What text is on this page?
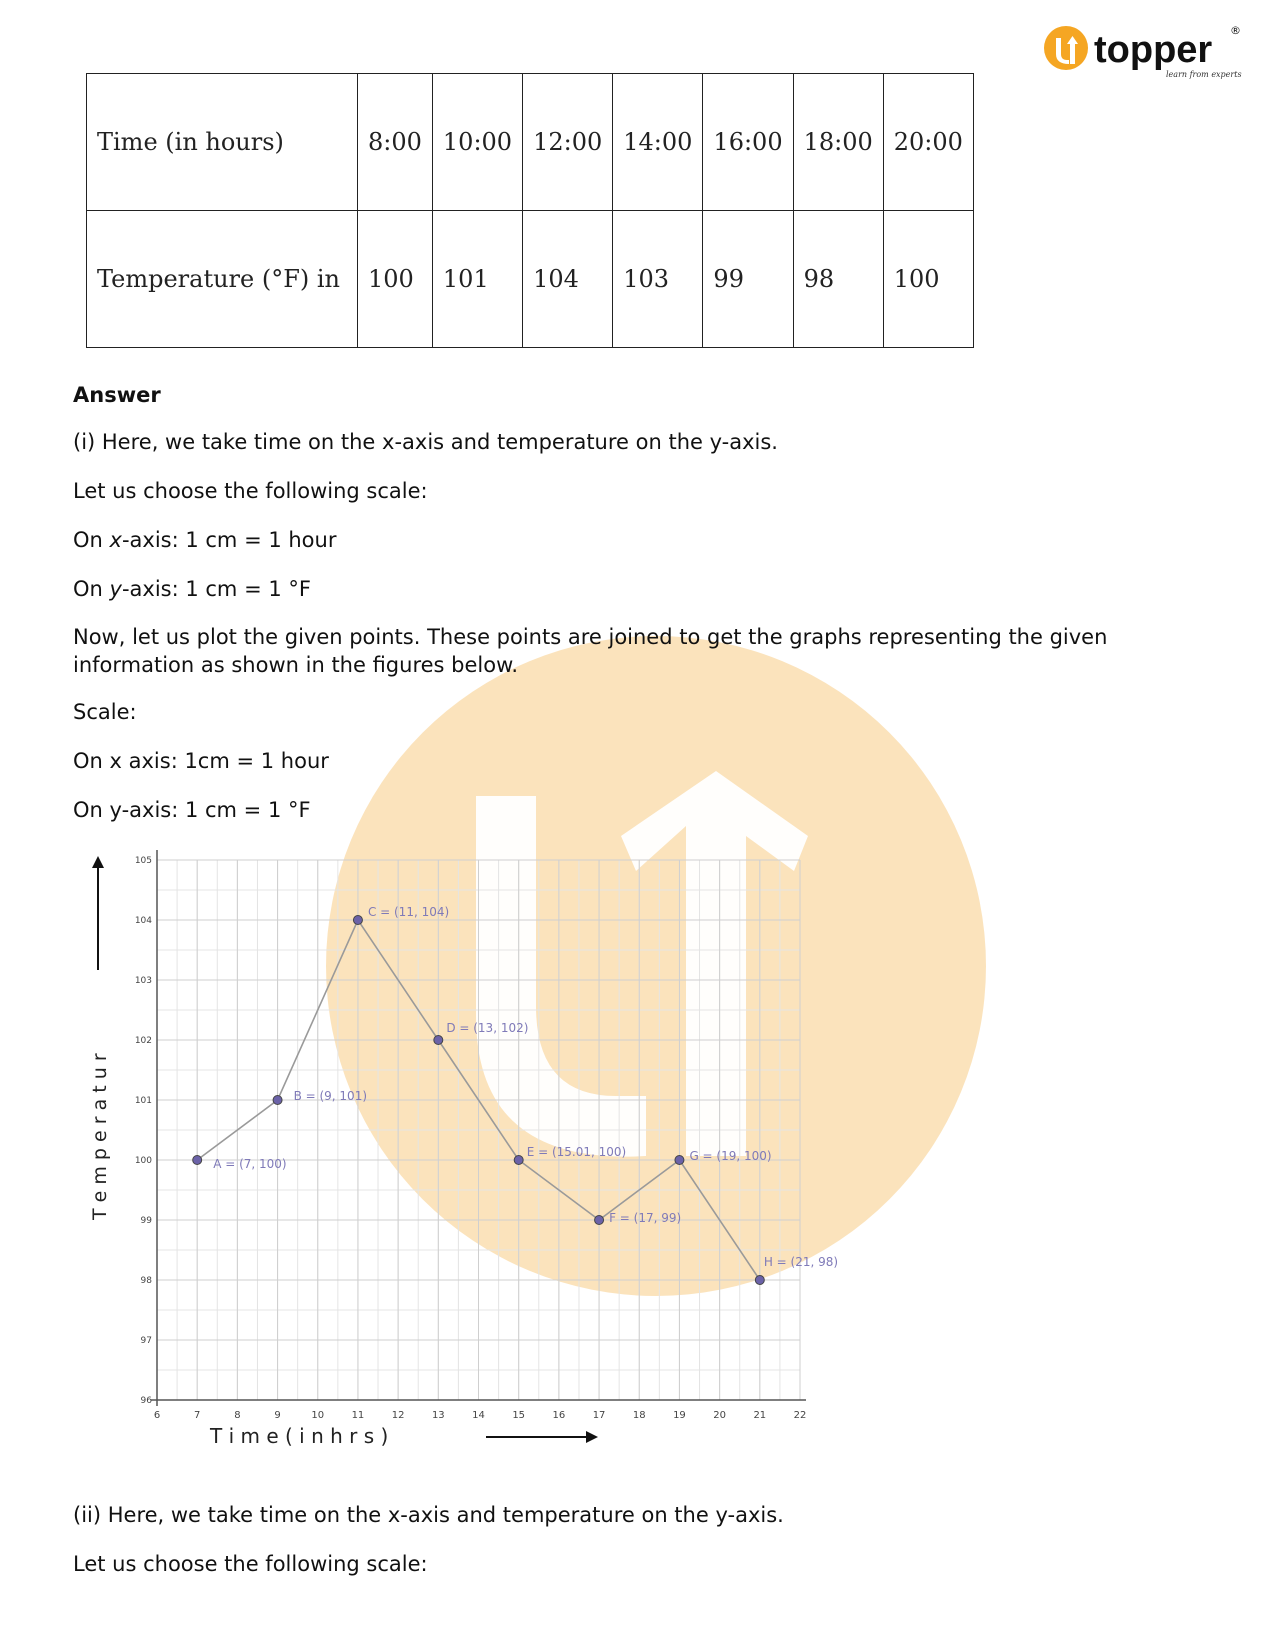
topper ®
learn from experts
Time (in hours)	8:00	10:00	12:00	14:00	16:00	18:00	20:00
Temperature (°F) in	100	101	104	103	99	98	100

Answer

(i) Here, we take time on the x-axis and temperature on the y-axis.

Let us choose the following scale:

On x-axis: 1 cm = 1 hour

On y-axis: 1 cm = 1 °F

Now, let us plot the given points. These points are joined to get the graphs representing the given information as shown in the figures below.

Scale:

On x axis: 1cm = 1 hour

On y-axis: 1 cm = 1 °F

(ii) Here, we take time on the x-axis and temperature on the y-axis.

Let us choose the following scale:

6	7	8	9	10	11	12	13	14	15	16	17	18	19	20	21	22
96
97
98
99
100
101
102
103
104
105
A = (7, 100)
B = (9, 101)
C = (11, 104)
D = (13, 102)
E = (15.01, 100)
F = (17, 99)
G = (19, 100)
H = (21, 98)
T e m p e r a t u r
T i m e ( i n h r s )
